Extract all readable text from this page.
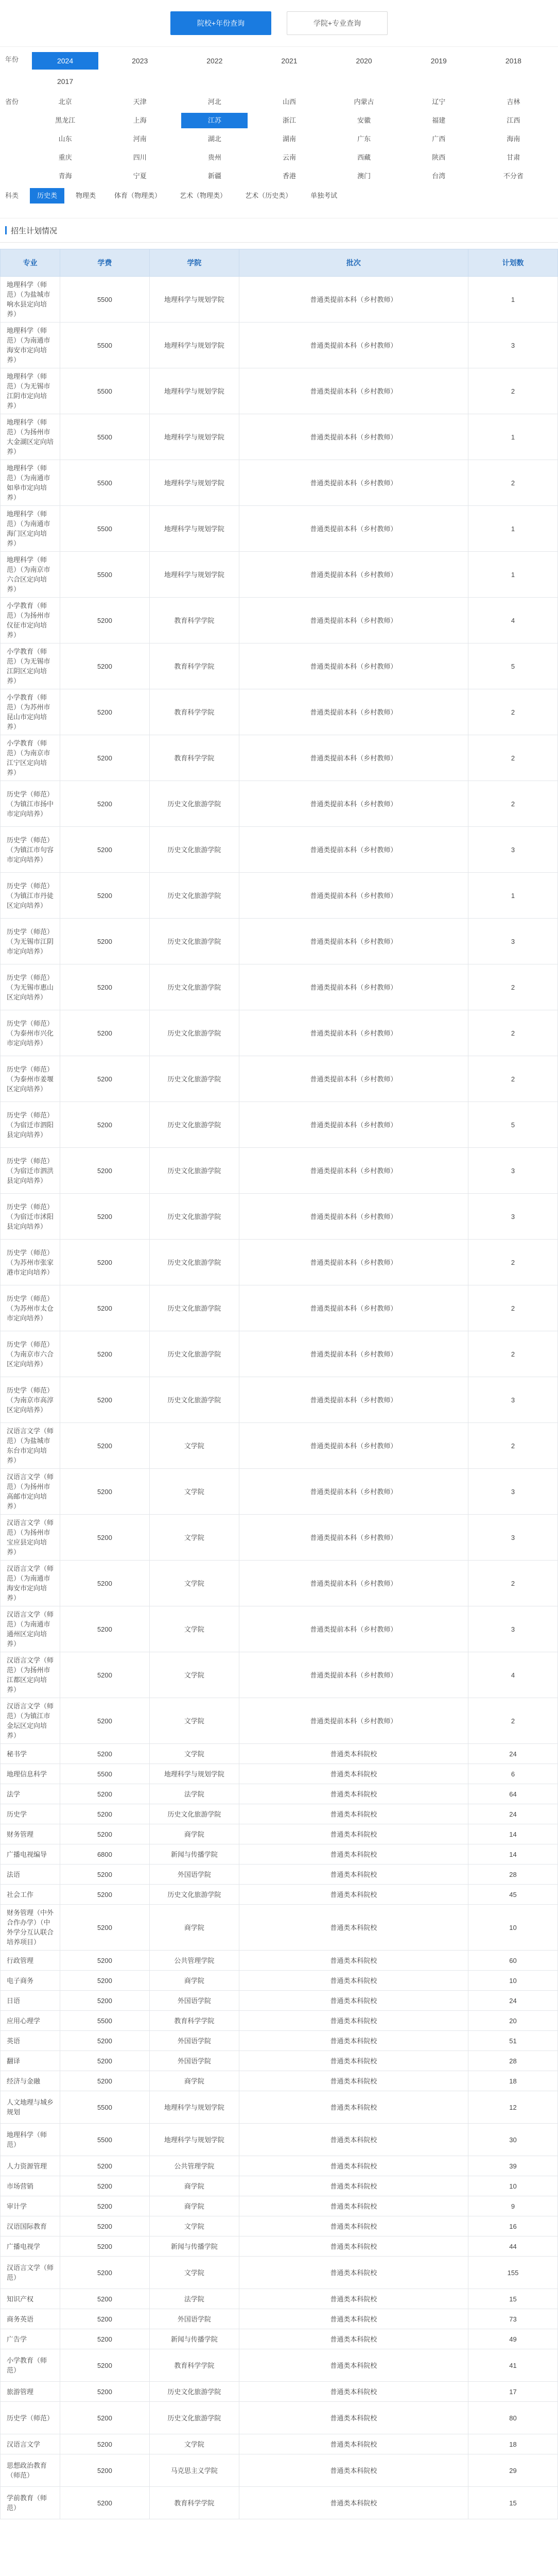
院校+年份查询	学院+专业查询
年份	2024	2023	2022	2021	2020	2019	2018
2017
省份	北京	天津	河北	山西	内蒙古	辽宁	吉林
黑龙江	上海	江苏	浙江	安徽	福建	江西
山东	河南	湖北	湖南	广东	广西	海南
重庆	四川	贵州	云南	西藏	陕西	甘肃
青海	宁夏	新疆	香港	澳门	台湾	不分省
科类	历史类	物理类	体育（物理类）	艺术（物理类）	艺术（历史类）	单独考试
招生计划情况
专业	学费	学院	批次	计划数
地理科学（师范）（为盐城市响水县定向培养）	5500	地理科学与规划学院	普通类提前本科（乡村教师）	1
地理科学（师范）（为南通市海安市定向培养）	5500	地理科学与规划学院	普通类提前本科（乡村教师）	3
地理科学（师范）（为无锡市江阴市定向培养）	5500	地理科学与规划学院	普通类提前本科（乡村教师）	2
地理科学（师范）（为扬州市大金湖区定向培养）	5500	地理科学与规划学院	普通类提前本科（乡村教师）	1
地理科学（师范）（为南通市如皋市定向培养）	5500	地理科学与规划学院	普通类提前本科（乡村教师）	2
地理科学（师范）（为南通市海门区定向培养）	5500	地理科学与规划学院	普通类提前本科（乡村教师）	1
地理科学（师范）（为南京市六合区定向培养）	5500	地理科学与规划学院	普通类提前本科（乡村教师）	1
小学教育（师范）（为扬州市仪征市定向培养）	5200	教育科学学院	普通类提前本科（乡村教师）	4
小学教育（师范）（为无锡市江阴区定向培养）	5200	教育科学学院	普通类提前本科（乡村教师）	5
小学教育（师范）（为苏州市昆山市定向培养）	5200	教育科学学院	普通类提前本科（乡村教师）	2
小学教育（师范）（为南京市江宁区定向培养）	5200	教育科学学院	普通类提前本科（乡村教师）	2
历史学（师范）（为镇江市扬中市定向培养）	5200	历史文化旅游学院	普通类提前本科（乡村教师）	2
历史学（师范）（为镇江市句容市定向培养）	5200	历史文化旅游学院	普通类提前本科（乡村教师）	3
历史学（师范）（为镇江市丹徒区定向培养）	5200	历史文化旅游学院	普通类提前本科（乡村教师）	1
历史学（师范）（为无锡市江阴市定向培养）	5200	历史文化旅游学院	普通类提前本科（乡村教师）	3
历史学（师范）（为无锡市惠山区定向培养）	5200	历史文化旅游学院	普通类提前本科（乡村教师）	2
历史学（师范）（为泰州市兴化市定向培养）	5200	历史文化旅游学院	普通类提前本科（乡村教师）	2
历史学（师范）（为泰州市姜堰区定向培养）	5200	历史文化旅游学院	普通类提前本科（乡村教师）	2
历史学（师范）（为宿迁市泗阳县定向培养）	5200	历史文化旅游学院	普通类提前本科（乡村教师）	5
历史学（师范）（为宿迁市泗洪县定向培养）	5200	历史文化旅游学院	普通类提前本科（乡村教师）	3
历史学（师范）（为宿迁市沭阳县定向培养）	5200	历史文化旅游学院	普通类提前本科（乡村教师）	3
历史学（师范）（为苏州市张家港市定向培养）	5200	历史文化旅游学院	普通类提前本科（乡村教师）	2
历史学（师范）（为苏州市太仓市定向培养）	5200	历史文化旅游学院	普通类提前本科（乡村教师）	2
历史学（师范）（为南京市六合区定向培养）	5200	历史文化旅游学院	普通类提前本科（乡村教师）	2
历史学（师范）（为南京市高淳区定向培养）	5200	历史文化旅游学院	普通类提前本科（乡村教师）	3
汉语言文学（师范）（为盐城市东台市定向培养）	5200	文学院	普通类提前本科（乡村教师）	2
汉语言文学（师范）（为扬州市高邮市定向培养）	5200	文学院	普通类提前本科（乡村教师）	3
汉语言文学（师范）（为扬州市宝应县定向培养）	5200	文学院	普通类提前本科（乡村教师）	3
汉语言文学（师范）（为南通市海安市定向培养）	5200	文学院	普通类提前本科（乡村教师）	2
汉语言文学（师范）（为南通市通州区定向培养）	5200	文学院	普通类提前本科（乡村教师）	3
汉语言文学（师范）（为扬州市江都区定向培养）	5200	文学院	普通类提前本科（乡村教师）	4
汉语言文学（师范）（为镇江市金坛区定向培养）	5200	文学院	普通类提前本科（乡村教师）	2
秘书学	5200	文学院	普通类本科院校	24
地理信息科学	5500	地理科学与规划学院	普通类本科院校	6
法学	5200	法学院	普通类本科院校	64
历史学	5200	历史文化旅游学院	普通类本科院校	24
财务管理	5200	商学院	普通类本科院校	14
广播电视编导	6800	新闻与传播学院	普通类本科院校	14
法语	5200	外国语学院	普通类本科院校	28
社会工作	5200	历史文化旅游学院	普通类本科院校	45
财务管理（中外合作办学）（中外学分互认联合培养项目）	5200	商学院	普通类本科院校	10
行政管理	5200	公共管理学院	普通类本科院校	60
电子商务	5200	商学院	普通类本科院校	10
日语	5200	外国语学院	普通类本科院校	24
应用心理学	5500	教育科学学院	普通类本科院校	20
英语	5200	外国语学院	普通类本科院校	51
翻译	5200	外国语学院	普通类本科院校	28
经济与金融	5200	商学院	普通类本科院校	18
人文地理与城乡规划	5500	地理科学与规划学院	普通类本科院校	12
地理科学（师范）	5500	地理科学与规划学院	普通类本科院校	30
人力资源管理	5200	公共管理学院	普通类本科院校	39
市场营销	5200	商学院	普通类本科院校	10
审计学	5200	商学院	普通类本科院校	9
汉语国际教育	5200	文学院	普通类本科院校	16
广播电视学	5200	新闻与传播学院	普通类本科院校	44
汉语言文学（师范）	5200	文学院	普通类本科院校	155
知识产权	5200	法学院	普通类本科院校	15
商务英语	5200	外国语学院	普通类本科院校	73
广告学	5200	新闻与传播学院	普通类本科院校	49
小学教育（师范）	5200	教育科学学院	普通类本科院校	41
旅游管理	5200	历史文化旅游学院	普通类本科院校	17
历史学（师范）	5200	历史文化旅游学院	普通类本科院校	80
汉语言文学	5200	文学院	普通类本科院校	18
思想政治教育（师范）	5200	马克思主义学院	普通类本科院校	29
学前教育（师范）	5200	教育科学学院	普通类本科院校	15
